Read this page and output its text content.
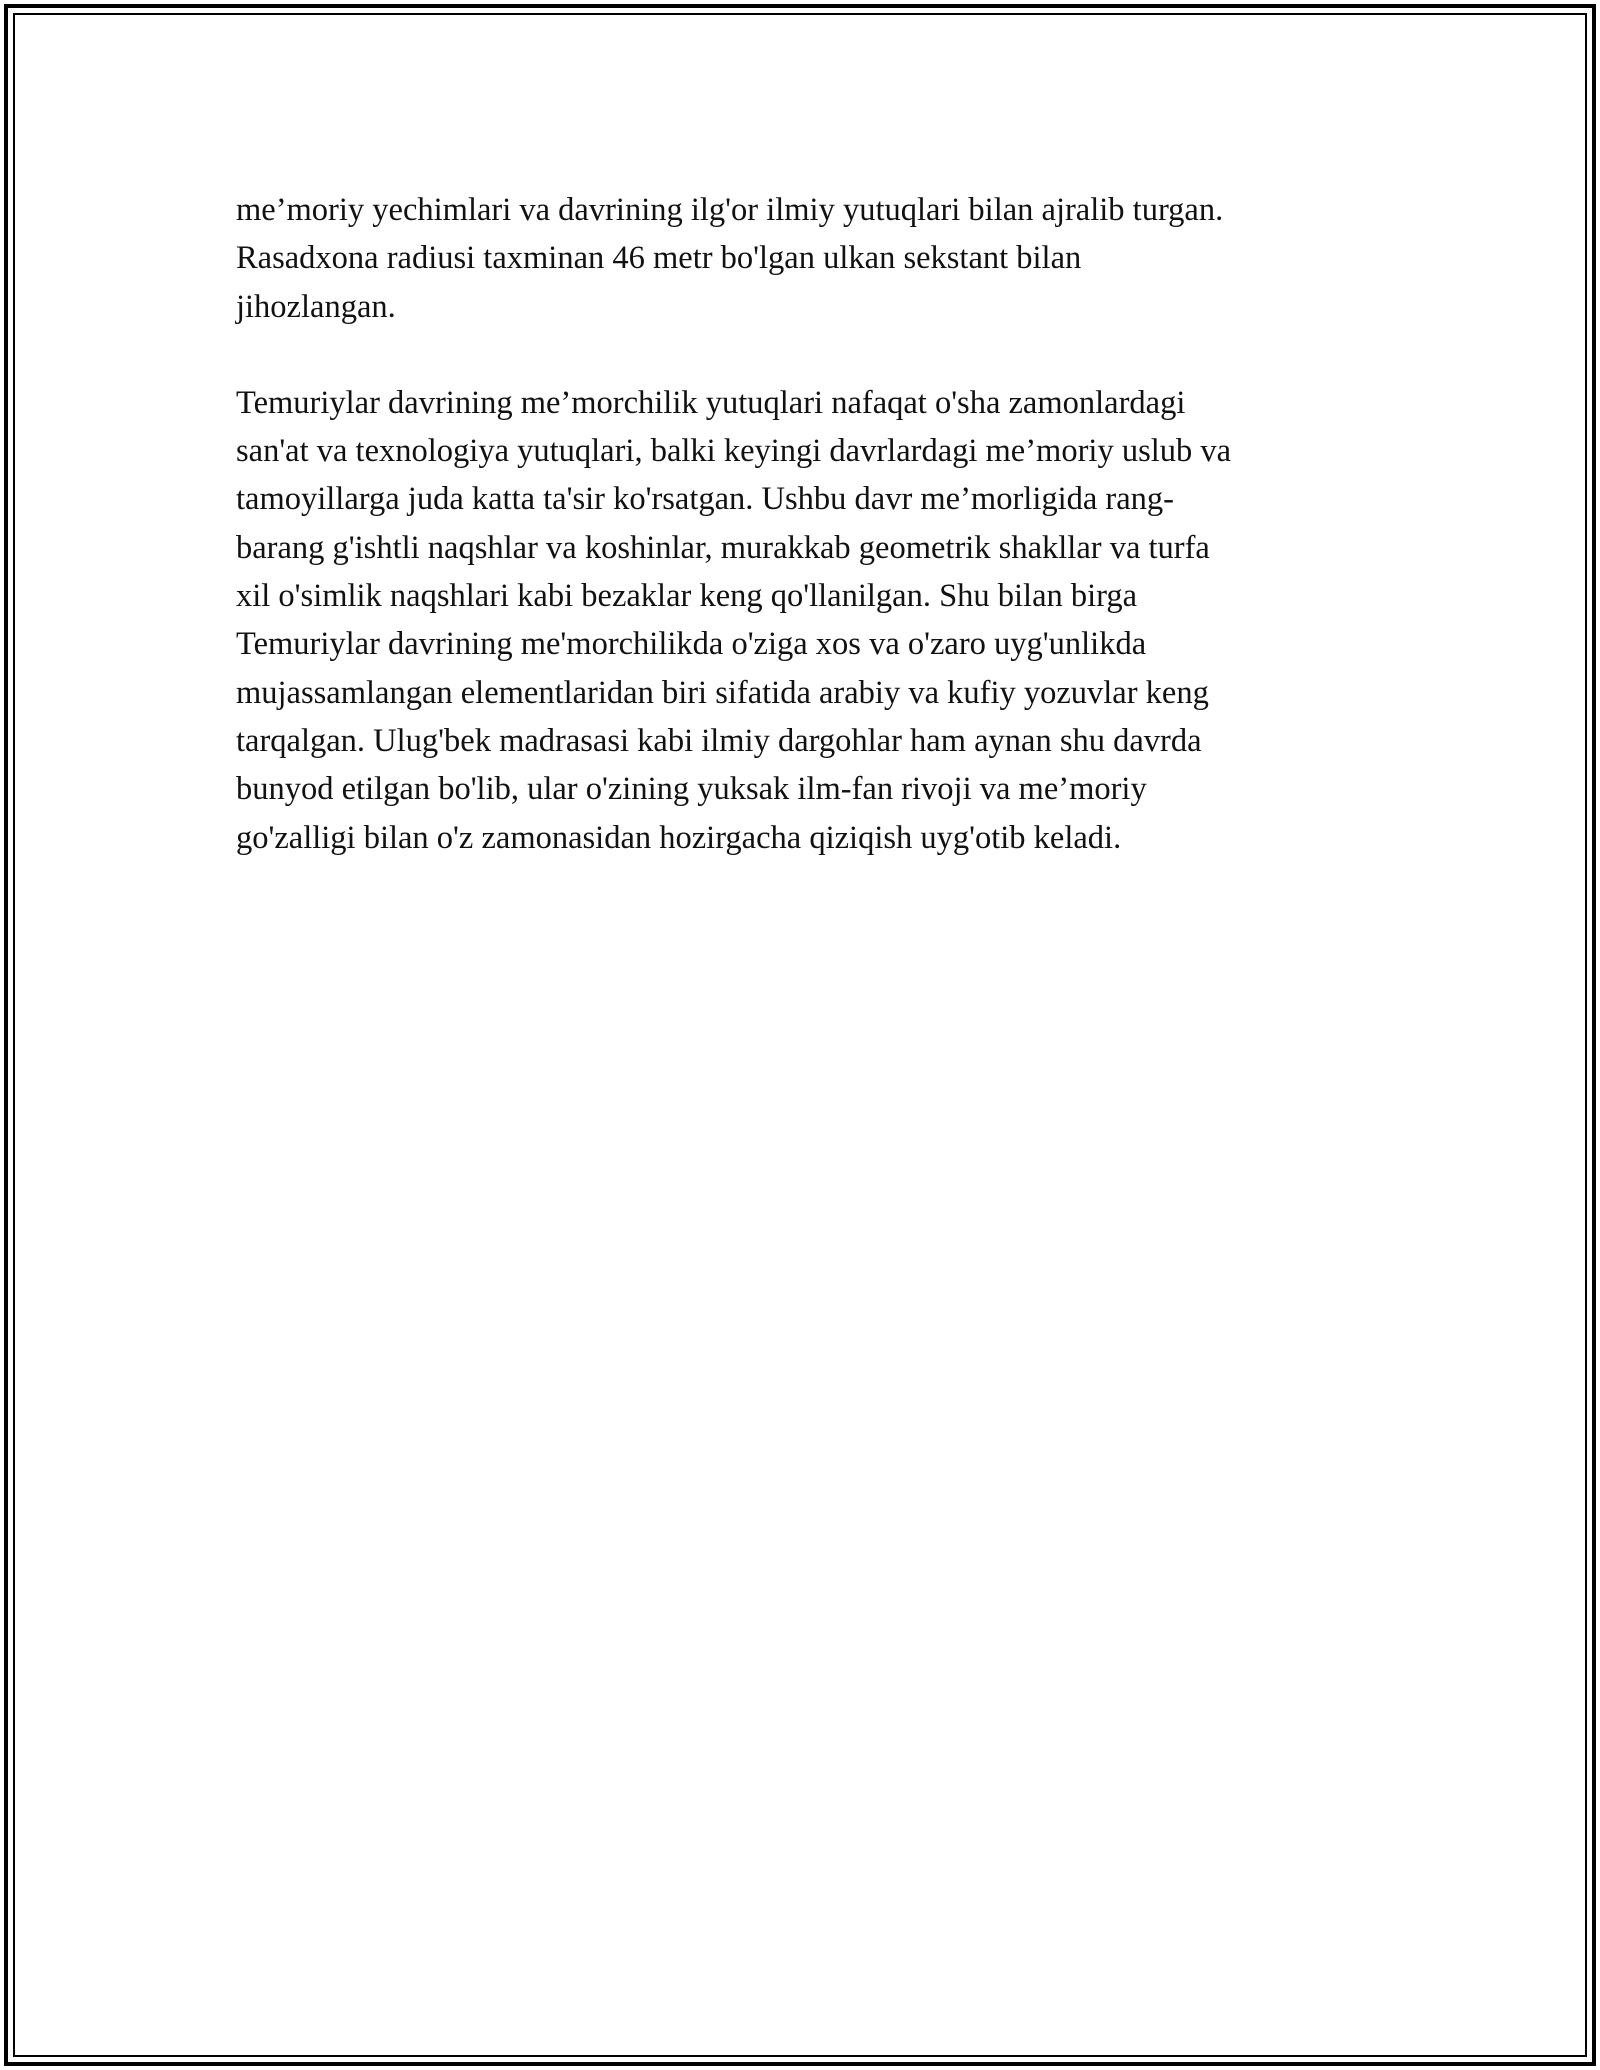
me’moriy yechimlari va davrining ilg'or ilmiy yutuqlari bilan ajralib turgan.
Rasadxona radiusi taxminan 46 metr bo'lgan ulkan sekstant bilan
jihozlangan.

Temuriylar davrining me’morchilik yutuqlari nafaqat o'sha zamonlardagi
san'at va texnologiya yutuqlari, balki keyingi davrlardagi me’moriy uslub va
tamoyillarga juda katta ta'sir ko'rsatgan. Ushbu davr me’morligida rang-
barang g'ishtli naqshlar va koshinlar, murakkab geometrik shakllar va turfa
xil o'simlik naqshlari kabi bezaklar keng qo'llanilgan. Shu bilan birga
Temuriylar davrining me'morchilikda o'ziga xos va o'zaro uyg'unlikda
mujassamlangan elementlaridan biri sifatida arabiy va kufiy yozuvlar keng
tarqalgan. Ulug'bek madrasasi kabi ilmiy dargohlar ham aynan shu davrda
bunyod etilgan bo'lib, ular o'zining yuksak ilm-fan rivoji va me’moriy
go'zalligi bilan o'z zamonasidan hozirgacha qiziqish uyg'otib keladi.
